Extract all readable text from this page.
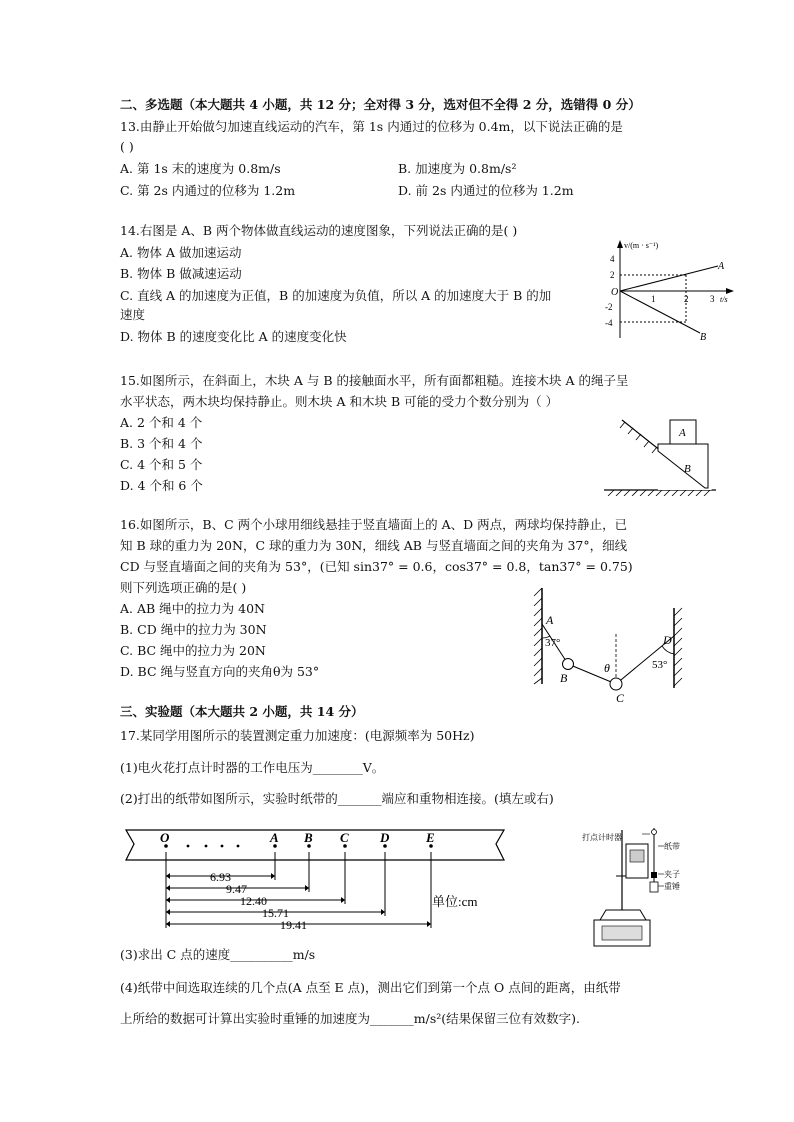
二、多选题（本大题共 4 小题，共 12 分；全对得 3 分，选对但不全得 2 分，选错得 0 分）
13.由静止开始做匀加速直线运动的汽车，第 1s 内通过的位移为 0.4m，以下说法正确的是
( )
A. 第 1s 末的速度为 0.8m/s	B. 加速度为 0.8m/s²
C. 第 2s 内通过的位移为 1.2m	D. 前 2s 内通过的位移为 1.2m
14.右图是 A、B 两个物体做直线运动的速度图象，下列说法正确的是( )
A. 物体 A 做加速运动
B. 物体 B 做减速运动
C. 直线 A 的加速度为正值，B 的加速度为负值，所以 A 的加速度大于 B 的加
速度
D. 物体 B 的速度变化比 A 的速度变化快
v/(m · s⁻¹)
4
2
-2
-4
O
1	2 3 t/s
A
B
15.如图所示，在斜面上，木块 A 与 B 的接触面水平，所有面都粗糙。连接木块 A 的绳子呈
水平状态，两木块均保持静止。则木块 A 和木块 B 可能的受力个数分别为（ ）
A. 2 个和 4 个
B. 3 个和 4 个
C. 4 个和 5 个
D. 4 个和 6 个
A
B
16.如图所示，B、C 两个小球用细线悬挂于竖直墙面上的 A、D 两点，两球均保持静止，已
知 B 球的重力为 20N，C 球的重力为 30N，细线 AB 与竖直墙面之间的夹角为 37°，细线
CD 与竖直墙面之间的夹角为 53°，(已知 sin37° = 0.6，cos37° = 0.8，tan37° = 0.75)
则下列选项正确的是( )
A. AB 绳中的拉力为 40N
B. CD 绳中的拉力为 30N
C. BC 绳中的拉力为 20N
D. BC 绳与竖直方向的夹角θ为 53°
A
37°
B
θ
C
D
53°
三、实验题（本大题共 2 小题，共 14 分）
17.某同学用图所示的装置测定重力加速度：(电源频率为 50Hz)
(1)电火花打点计时器的工作电压为________V。
(2)打出的纸带如图所示，实验时纸带的_______端应和重物相连接。(填左或右)
O	A B C D	E
6.93
9.47
12.40
15.71
19.41
单位:cm
打点计时器
纸带
夹子
重锤
(3)求出 C 点的速度__________m/s
(4)纸带中间选取连续的几个点(A 点至 E 点)，测出它们到第一个点 O 点间的距离，由纸带
上所给的数据可计算出实验时重锤的加速度为_______m/s²(结果保留三位有效数字).
